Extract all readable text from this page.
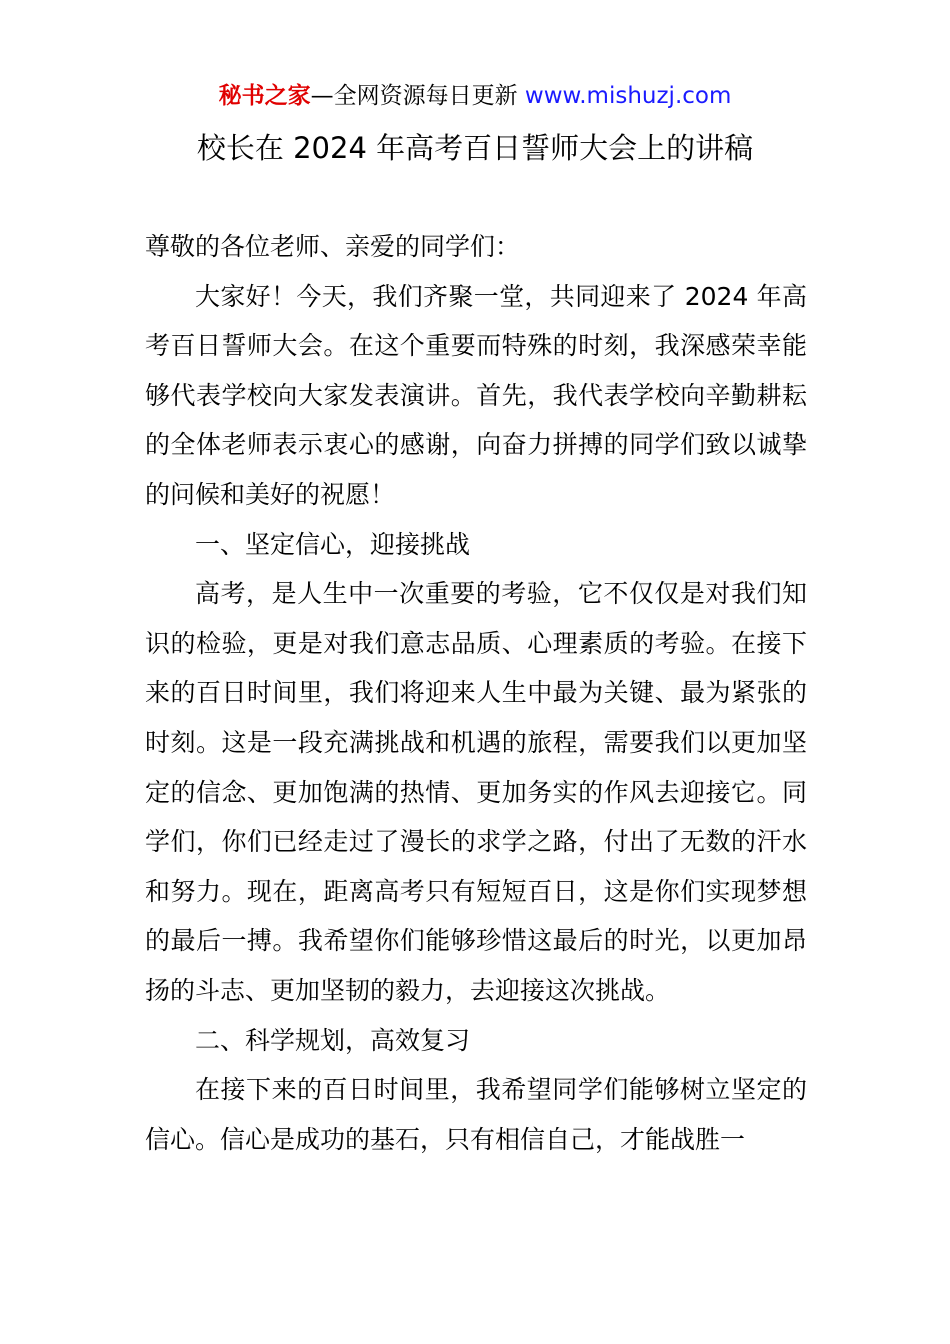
秘书之家—全网资源每日更新 www.mishuzj.com
校长在 2024 年高考百日誓师大会上的讲稿

尊敬的各位老师、亲爱的同学们：

大家好！今天，我们齐聚一堂，共同迎来了 2024 年高考百日誓师大会。在这个重要而特殊的时刻，我深感荣幸能够代表学校向大家发表演讲。首先，我代表学校向辛勤耕耘的全体老师表示衷心的感谢，向奋力拼搏的同学们致以诚挚的问候和美好的祝愿！

一、坚定信心，迎接挑战

高考，是人生中一次重要的考验，它不仅仅是对我们知识的检验，更是对我们意志品质、心理素质的考验。在接下来的百日时间里，我们将迎来人生中最为关键、最为紧张的时刻。这是一段充满挑战和机遇的旅程，需要我们以更加坚定的信念、更加饱满的热情、更加务实的作风去迎接它。同学们，你们已经走过了漫长的求学之路，付出了无数的汗水和努力。现在，距离高考只有短短百日，这是你们实现梦想的最后一搏。我希望你们能够珍惜这最后的时光，以更加昂扬的斗志、更加坚韧的毅力，去迎接这次挑战。

二、科学规划，高效复习

在接下来的百日时间里，我希望同学们能够树立坚定的信心。信心是成功的基石，只有相信自己，才能战胜一
